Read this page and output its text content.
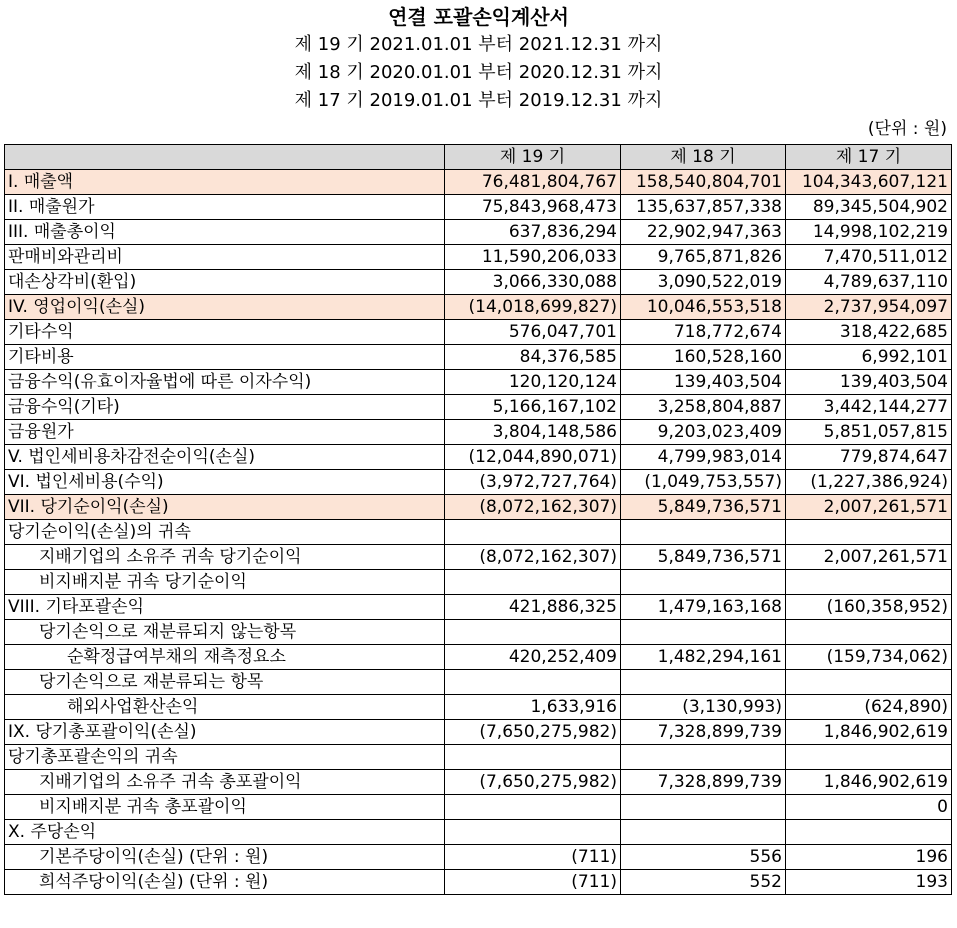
연결 포괄손익계산서
제 19 기 2021.01.01 부터 2021.12.31 까지
제 18 기 2020.01.01 부터 2020.12.31 까지
제 17 기 2019.01.01 부터 2019.12.31 까지
(단위 : 원)
	제 19 기	제 18 기	제 17 기
I. 매출액	76,481,804,767	158,540,804,701	104,343,607,121
II. 매출원가	75,843,968,473	135,637,857,338	89,345,504,902
III. 매출총이익	637,836,294	22,902,947,363	14,998,102,219
판매비와관리비	11,590,206,033	9,765,871,826	7,470,511,012
대손상각비(환입)	3,066,330,088	3,090,522,019	4,789,637,110
IV. 영업이익(손실)	(14,018,699,827)	10,046,553,518	2,737,954,097
기타수익	576,047,701	718,772,674	318,422,685
기타비용	84,376,585	160,528,160	6,992,101
금융수익(유효이자율법에 따른 이자수익)	120,120,124	139,403,504	139,403,504
금융수익(기타)	5,166,167,102	3,258,804,887	3,442,144,277
금융원가	3,804,148,586	9,203,023,409	5,851,057,815
V. 법인세비용차감전순이익(손실)	(12,044,890,071)	4,799,983,014	779,874,647
VI. 법인세비용(수익)	(3,972,727,764)	(1,049,753,557)	(1,227,386,924)
VII. 당기순이익(손실)	(8,072,162,307)	5,849,736,571	2,007,261,571
당기순이익(손실)의 귀속			
지배기업의 소유주 귀속 당기순이익	(8,072,162,307)	5,849,736,571	2,007,261,571
비지배지분 귀속 당기순이익			
VIII. 기타포괄손익	421,886,325	1,479,163,168	(160,358,952)
당기손익으로 재분류되지 않는항목			
순확정급여부채의 재측정요소	420,252,409	1,482,294,161	(159,734,062)
당기손익으로 재분류되는 항목			
해외사업환산손익	1,633,916	(3,130,993)	(624,890)
IX. 당기총포괄이익(손실)	(7,650,275,982)	7,328,899,739	1,846,902,619
당기총포괄손익의 귀속			
지배기업의 소유주 귀속 총포괄이익	(7,650,275,982)	7,328,899,739	1,846,902,619
비지배지분 귀속 총포괄이익			0
X. 주당손익			
기본주당이익(손실) (단위 : 원)	(711)	556	196
희석주당이익(손실) (단위 : 원)	(711)	552	193
